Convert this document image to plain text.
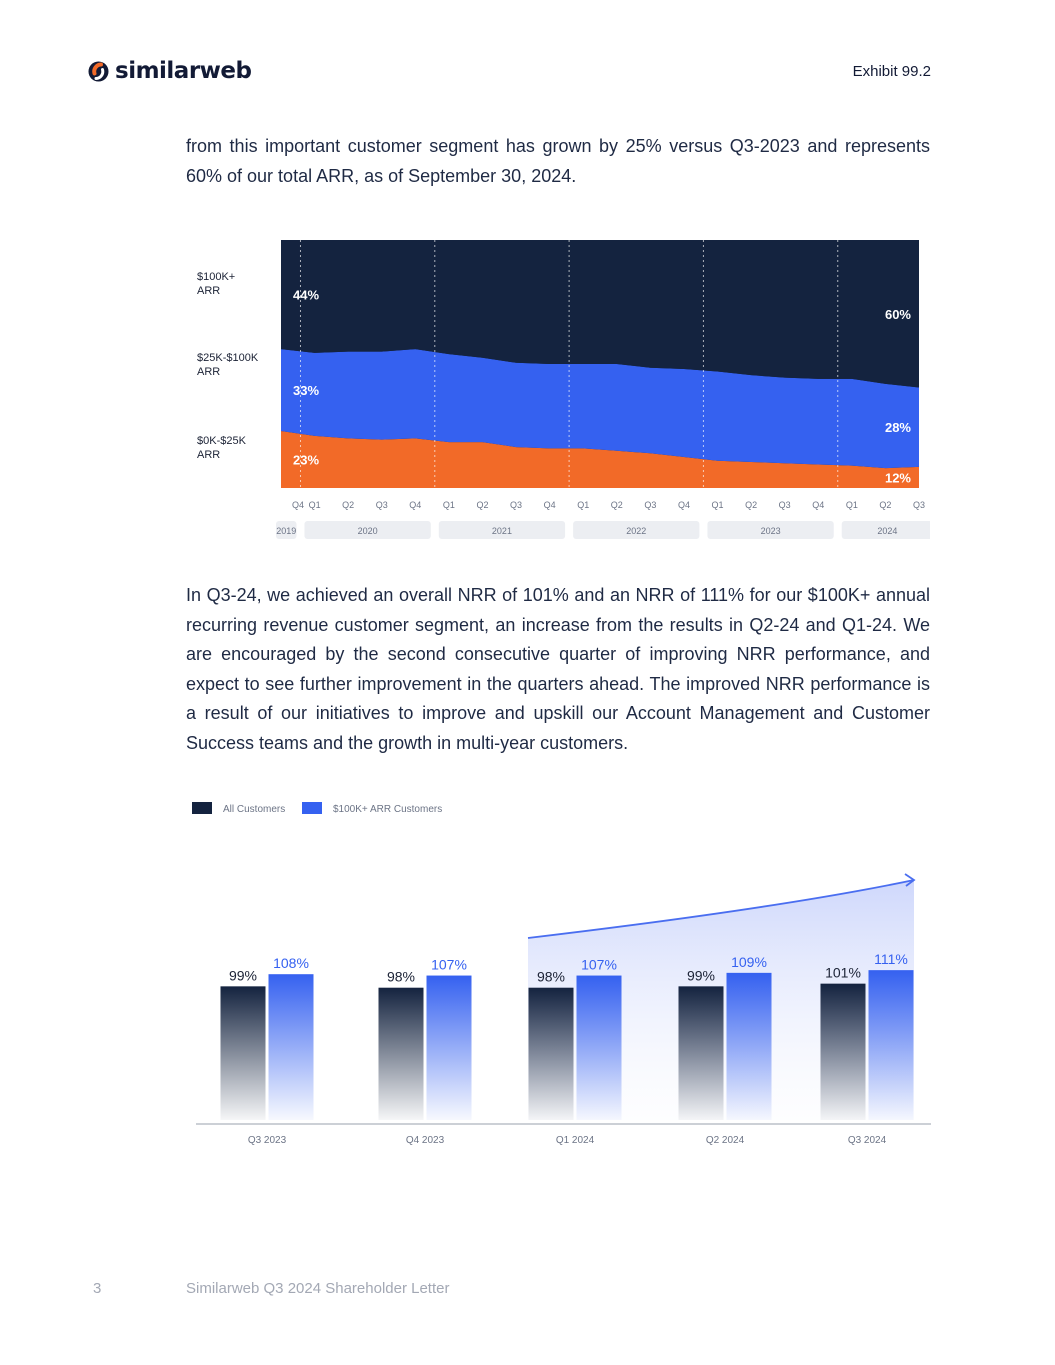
similarweb	Exhibit 99.2

from this important customer segment has grown by 25% versus Q3-2023 and represents 60% of our total ARR, as of September 30, 2024.

$100K+
ARR
$25K-$100K
ARR
$0K-$25K
ARR
44%
33%
23%
60%
28%
12%
Q4 Q1 Q2 Q3 Q4 Q1 Q2 Q3 Q4 Q1 Q2 Q3 Q4 Q1 Q2 Q3 Q4 Q1 Q2 Q3
2019	2020	2021	2022	2023	2024

In Q3-24, we achieved an overall NRR of 101% and an NRR of 111% for our $100K+ annual recurring revenue customer segment, an increase from the results in Q2-24 and Q1-24. We are encouraged by the second consecutive quarter of improving NRR performance, and expect to see further improvement in the quarters ahead. The improved NRR performance is a result of our initiatives to improve and upskill our Account Management and Customer Success teams and the growth in multi-year customers.

All Customers	$100K+ ARR Customers
99%
108%
Q3 2023
98%
107%
Q4 2023
98%
107%
Q1 2024
99%
109%
Q2 2024
101%
111%
Q3 2024
3	Similarweb Q3 2024 Shareholder Letter
